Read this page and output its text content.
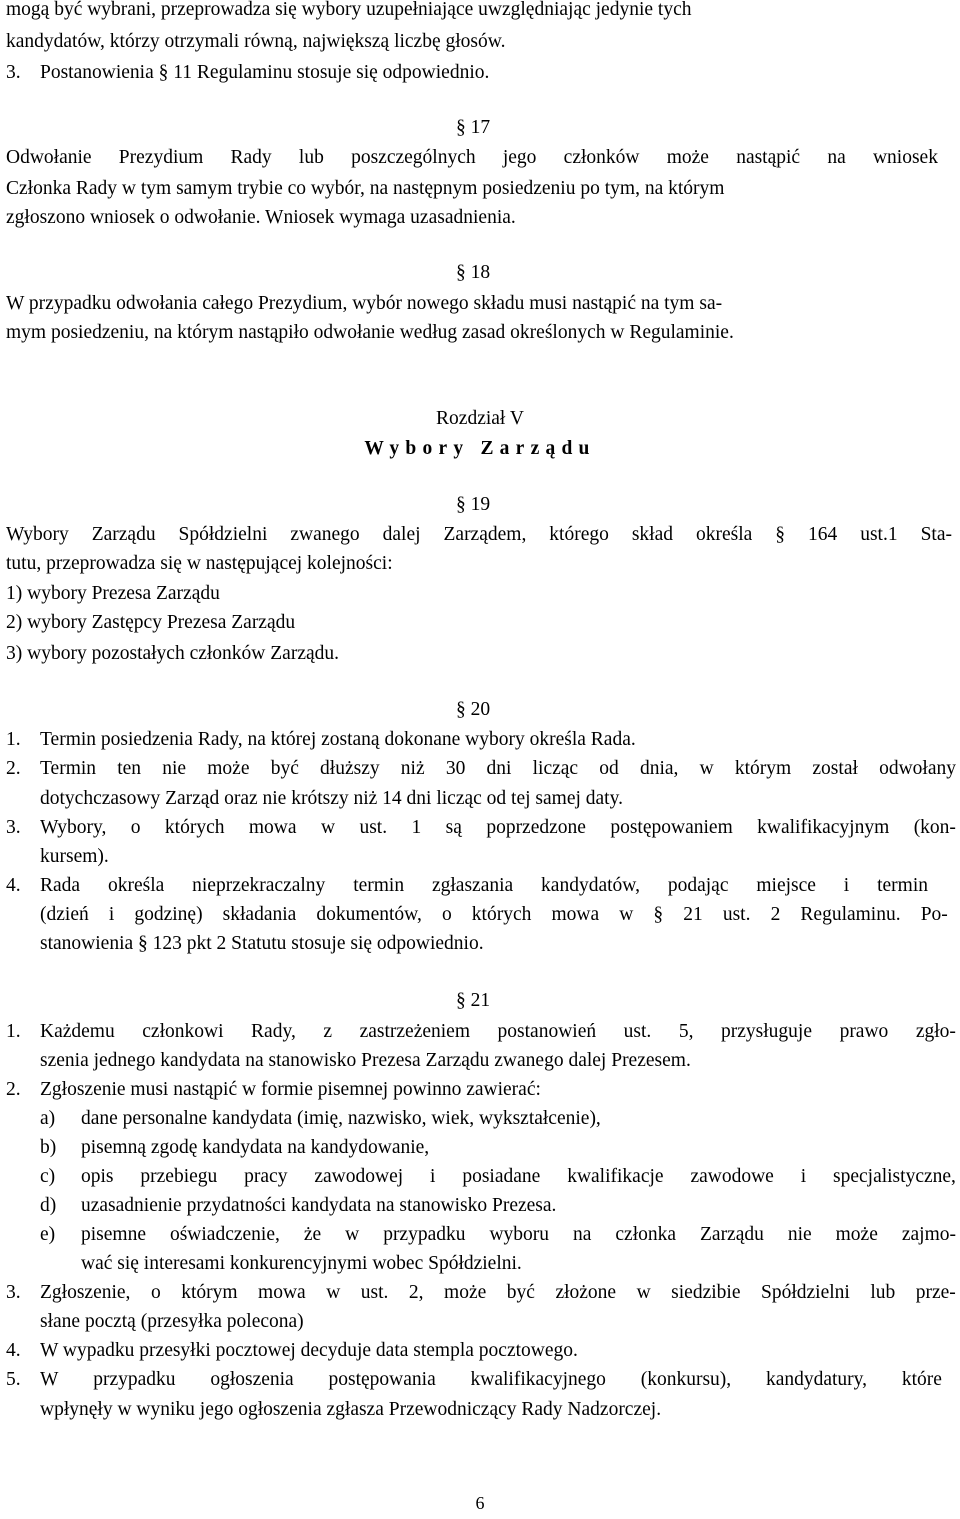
mogą być wybrani, przeprowadza się wybory uzupełniające uwzględniając jedynie tych
kandydatów, którzy otrzymali równą, największą liczbę głosów.
3. Postanowienia § 11 Regulaminu stosuje się odpowiednio.
§ 17
Odwołanie Prezydium Rady lub poszczególnych jego członków może nastąpić na wniosek
Członka Rady w tym samym trybie co wybór, na następnym posiedzeniu po tym, na którym
zgłoszono wniosek o odwołanie. Wniosek wymaga uzasadnienia.
§ 18
W przypadku odwołania całego Prezydium, wybór nowego składu musi nastąpić na tym sa-
mym posiedzeniu, na którym nastąpiło odwołanie według zasad określonych w Regulaminie.
Rozdział V
Wybory Zarządu
§ 19
Wybory Zarządu Spółdzielni zwanego dalej Zarządem, którego skład określa § 164 ust.1 Sta-
tutu, przeprowadza się w następującej kolejności:
1) wybory Prezesa Zarządu
2) wybory Zastępcy Prezesa Zarządu
3) wybory pozostałych członków Zarządu.
§ 20
1. Termin posiedzenia Rady, na której zostaną dokonane wybory określa Rada.
2. Termin ten nie może być dłuższy niż 30 dni licząc od dnia, w którym został odwołany
dotychczasowy Zarząd oraz nie krótszy niż 14 dni licząc od tej samej daty.
3. Wybory, o których mowa w ust. 1 są poprzedzone postępowaniem kwalifikacyjnym (kon-
kursem).
4. Rada określa nieprzekraczalny termin zgłaszania kandydatów, podając miejsce i termin
(dzień i godzinę) składania dokumentów, o których mowa w § 21 ust. 2 Regulaminu. Po-
stanowienia § 123 pkt 2 Statutu stosuje się odpowiednio.
§ 21
1. Każdemu członkowi Rady, z zastrzeżeniem postanowień ust. 5, przysługuje prawo zgło-
szenia jednego kandydata na stanowisko Prezesa Zarządu zwanego dalej Prezesem.
2. Zgłoszenie musi nastąpić w formie pisemnej powinno zawierać:
a) dane personalne kandydata (imię, nazwisko, wiek, wykształcenie),
b) pisemną zgodę kandydata na kandydowanie,
c) opis przebiegu pracy zawodowej i posiadane kwalifikacje zawodowe i specjalistyczne,
d) uzasadnienie przydatności kandydata na stanowisko Prezesa.
e) pisemne oświadczenie, że w przypadku wyboru na członka Zarządu nie może zajmo-
wać się interesami konkurencyjnymi wobec Spółdzielni.
3. Zgłoszenie, o którym mowa w ust. 2, może być złożone w siedzibie Spółdzielni lub prze-
słane pocztą (przesyłka polecona)
4. W wypadku przesyłki pocztowej decyduje data stempla pocztowego.
5. W przypadku ogłoszenia postępowania kwalifikacyjnego (konkursu), kandydatury, które
wpłynęły w wyniku jego ogłoszenia zgłasza Przewodniczący Rady Nadzorczej.
6
